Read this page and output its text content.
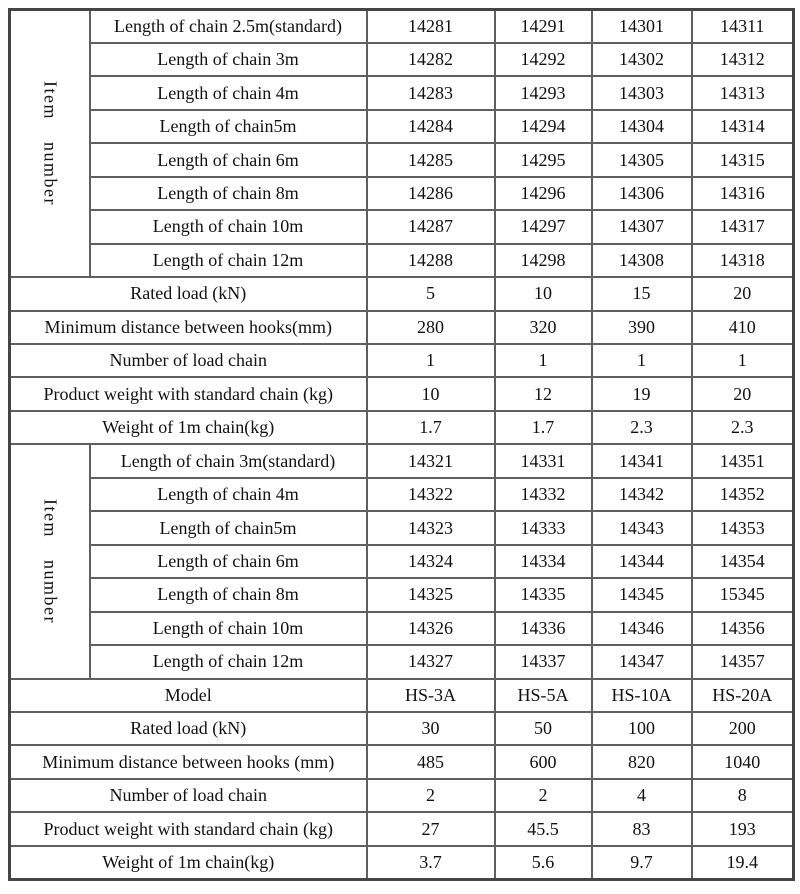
Item number	Length of chain 2.5m(standard)	14281	14291	14301	14311
	Length of chain 3m	14282	14292	14302	14312
	Length of chain 4m	14283	14293	14303	14313
	Length of chain5m	14284	14294	14304	14314
	Length of chain 6m	14285	14295	14305	14315
	Length of chain 8m	14286	14296	14306	14316
	Length of chain 10m	14287	14297	14307	14317
	Length of chain 12m	14288	14298	14308	14318
Rated load (kN)		5	10	15	20
Minimum distance between hooks(mm)		280	320	390	410
Number of load chain		1	1	1	1
Product weight with standard chain (kg)		10	12	19	20
Weight of 1m chain(kg)		1.7	1.7	2.3	2.3
Item number	Length of chain 3m(standard)	14321	14331	14341	14351
	Length of chain 4m	14322	14332	14342	14352
	Length of chain5m	14323	14333	14343	14353
	Length of chain 6m	14324	14334	14344	14354
	Length of chain 8m	14325	14335	14345	15345
	Length of chain 10m	14326	14336	14346	14356
	Length of chain 12m	14327	14337	14347	14357
Model		HS-3A	HS-5A	HS-10A	HS-20A
Rated load (kN)		30	50	100	200
Minimum distance between hooks (mm)		485	600	820	1040
Number of load chain		2	2	4	8
Product weight with standard chain (kg)		27	45.5	83	193
Weight of 1m chain(kg)		3.7	5.6	9.7	19.4
